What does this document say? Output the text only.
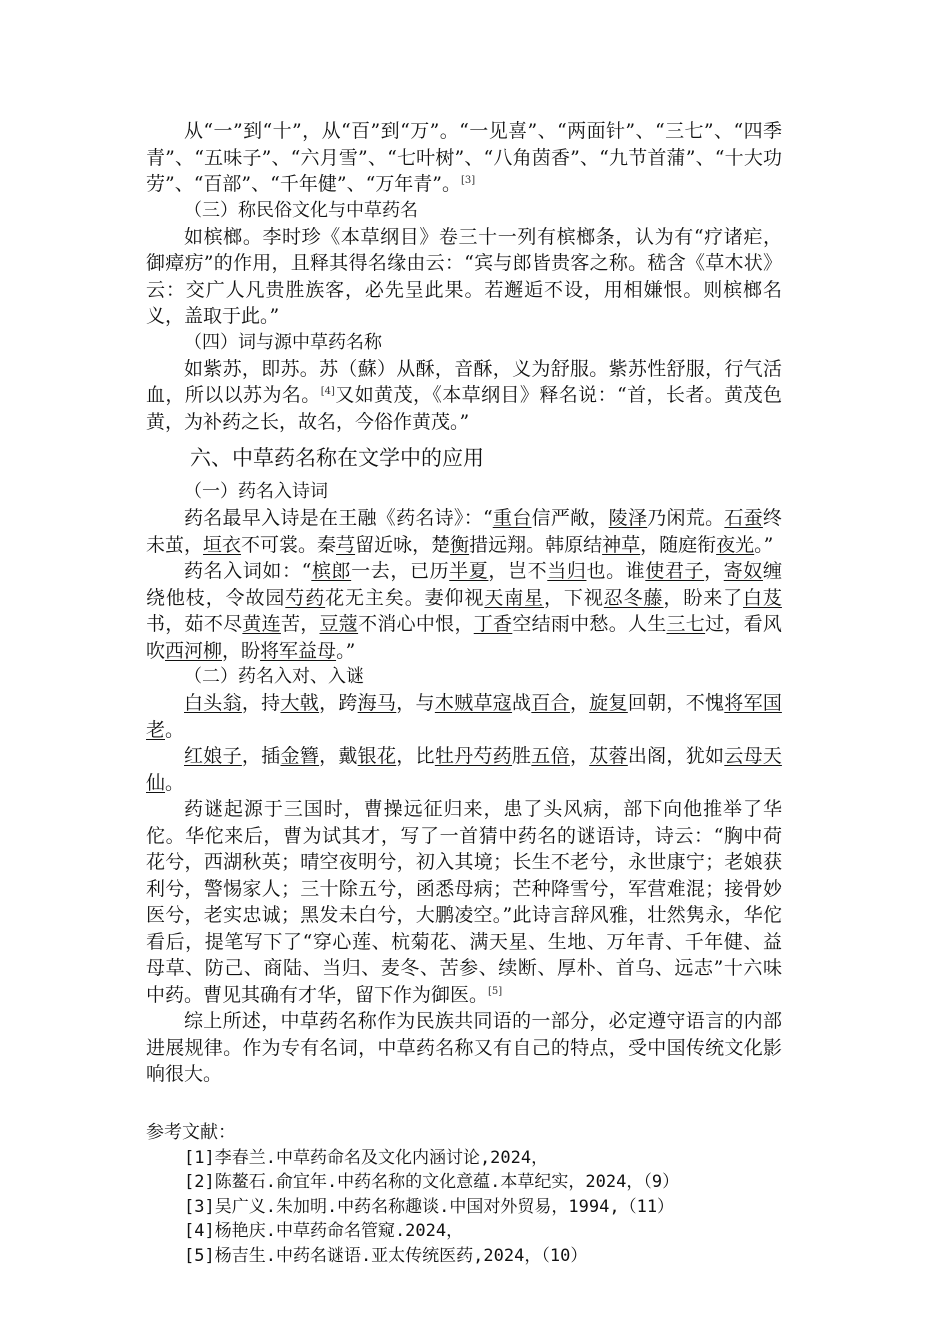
从“一”到“十”，从“百”到“万”。“一见喜”、“两面针”、“三七”、“四季青”、“五味子”、“六月雪”、“七叶树”、“八角茵香”、“九节首蒲”、“十大功劳”、“百部”、“千年健”、“万年青”。[3]

（三）称民俗文化与中草药名

如槟榔。李时珍《本草纲目》卷三十一列有槟榔条，认为有“疗诸疟，御瘴疠”的作用，且释其得名缘由云：“宾与郎皆贵客之称。嵇含《草木状》云：交广人凡贵胜族客，必先呈此果。若邂逅不设，用相嫌恨。则槟榔名义，盖取于此。”

（四）词与源中草药名称

如紫苏，即苏。苏（蘇）从酥，音酥，义为舒服。紫苏性舒服，行气活血，所以以苏为名。[4]又如黄茂，《本草纲目》释名说：“首，长者。黄茂色黄，为补药之长，故名，今俗作黄茂。”

六、中草药名称在文学中的应用

（一）药名入诗词

药名最早入诗是在王融《药名诗》：“重台信严敞，陵泽乃闲荒。石蚕终未茧，垣衣不可裳。秦芎留近咏，楚衡措远翔。韩原结神草，随庭衔夜光。”

药名入词如：“槟郎一去，已历半夏，岂不当归也。谁使君子，寄奴缠绕他枝，令故园芍药花无主矣。妻仰视天南星，下视忍冬藤，盼来了白芨书，茹不尽黄连苦，豆蔻不消心中恨，丁香空结雨中愁。人生三七过，看风吹西河柳，盼将军益母。”

（二）药名入对、入谜

白头翁，持大戟，跨海马，与木贼草寇战百合，旋复回朝，不愧将军国老。

红娘子，插金簪，戴银花，比牡丹芍药胜五倍，苁蓉出阁，犹如云母天仙。

药谜起源于三国时，曹操远征归来，患了头风病，部下向他推举了华佗。华佗来后，曹为试其才，写了一首猜中药名的谜语诗，诗云：“胸中荷花兮，西湖秋英；晴空夜明兮，初入其境；长生不老兮，永世康宁；老娘获利兮，警惕家人；三十除五兮，函悉母病；芒种降雪兮，军营难混；接骨妙医兮，老实忠诚；黑发未白兮，大鹏凌空。”此诗言辞风雅，壮然隽永，华佗看后，提笔写下了“穿心莲、杭菊花、满天星、生地、万年青、千年健、益母草、防己、商陆、当归、麦冬、苦参、续断、厚朴、首乌、远志”十六味中药。曹见其确有才华，留下作为御医。[5]

综上所述，中草药名称作为民族共同语的一部分，必定遵守语言的内部进展规律。作为专有名词，中草药名称又有自己的特点，受中国传统文化影响很大。

参考文献：

[1]李春兰.中草药命名及文化内涵讨论,2024，

[2]陈鳌石.俞宜年.中药名称的文化意蕴.本草纪实，2024，（9）

[3]吴广义.朱加明.中药名称趣谈.中国对外贸易，1994,（11）

[4]杨艳庆.中草药命名管窥.2024，

[5]杨吉生.中药名谜语.亚太传统医药,2024，（10）
